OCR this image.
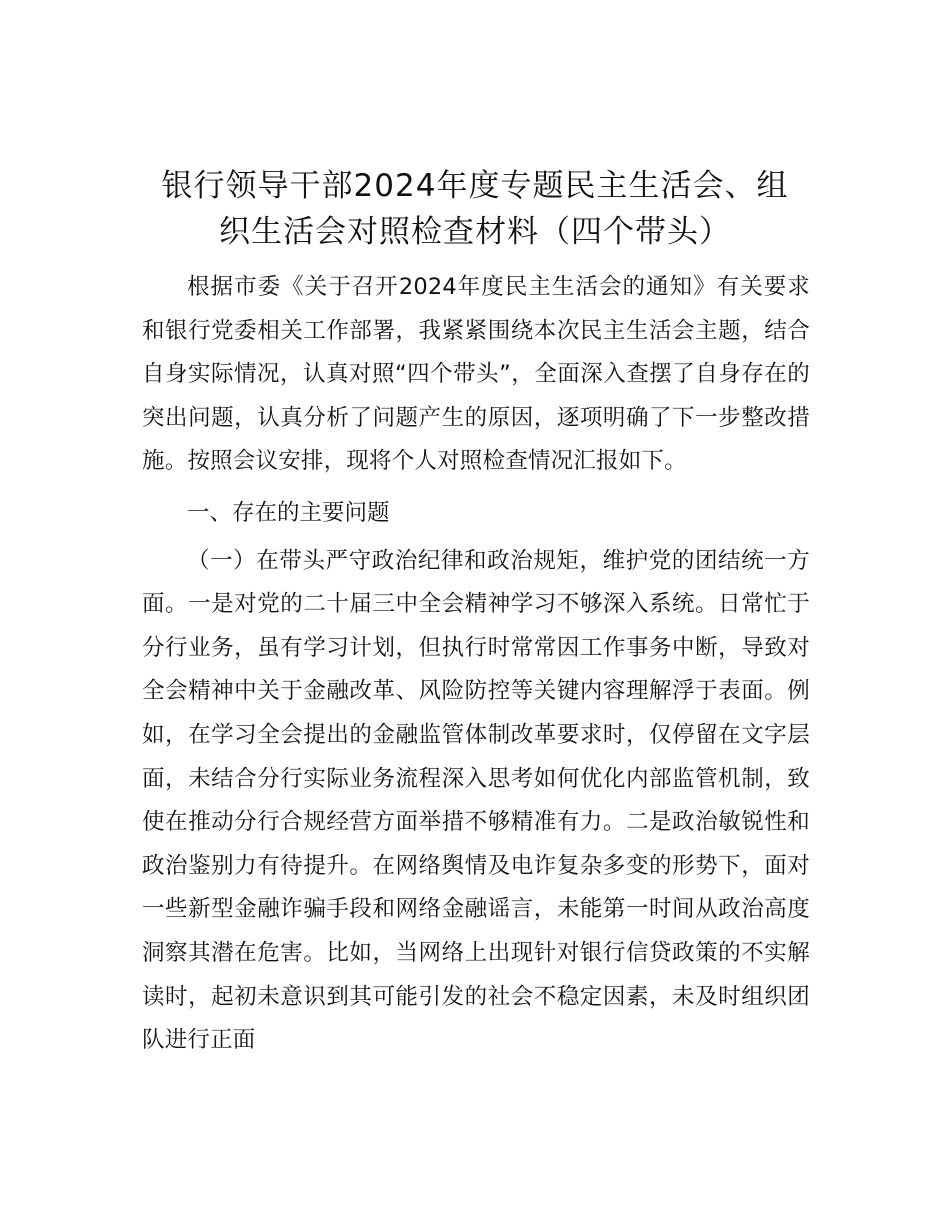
银行领导干部2024年度专题民主生活会、组
织生活会对照检查材料（四个带头）

根据市委《关于召开2024年度民主生活会的通知》有关要求和银行党委相关工作部署，我紧紧围绕本次民主生活会主题，结合自身实际情况，认真对照“四个带头”，全面深入查摆了自身存在的突出问题，认真分析了问题产生的原因，逐项明确了下一步整改措施。按照会议安排，现将个人对照检查情况汇报如下。

一、存在的主要问题

（一）在带头严守政治纪律和政治规矩，维护党的团结统一方面。一是对党的二十届三中全会精神学习不够深入系统。日常忙于分行业务，虽有学习计划，但执行时常常因工作事务中断，导致对全会精神中关于金融改革、风险防控等关键内容理解浮于表面。例如，在学习全会提出的金融监管体制改革要求时，仅停留在文字层面，未结合分行实际业务流程深入思考如何优化内部监管机制，致使在推动分行合规经营方面举措不够精准有力。二是政治敏锐性和政治鉴别力有待提升。在网络舆情及电诈复杂多变的形势下，面对一些新型金融诈骗手段和网络金融谣言，未能第一时间从政治高度洞察其潜在危害。比如，当网络上出现针对银行信贷政策的不实解读时，起初未意识到其可能引发的社会不稳定因素，未及时组织团队进行正面
